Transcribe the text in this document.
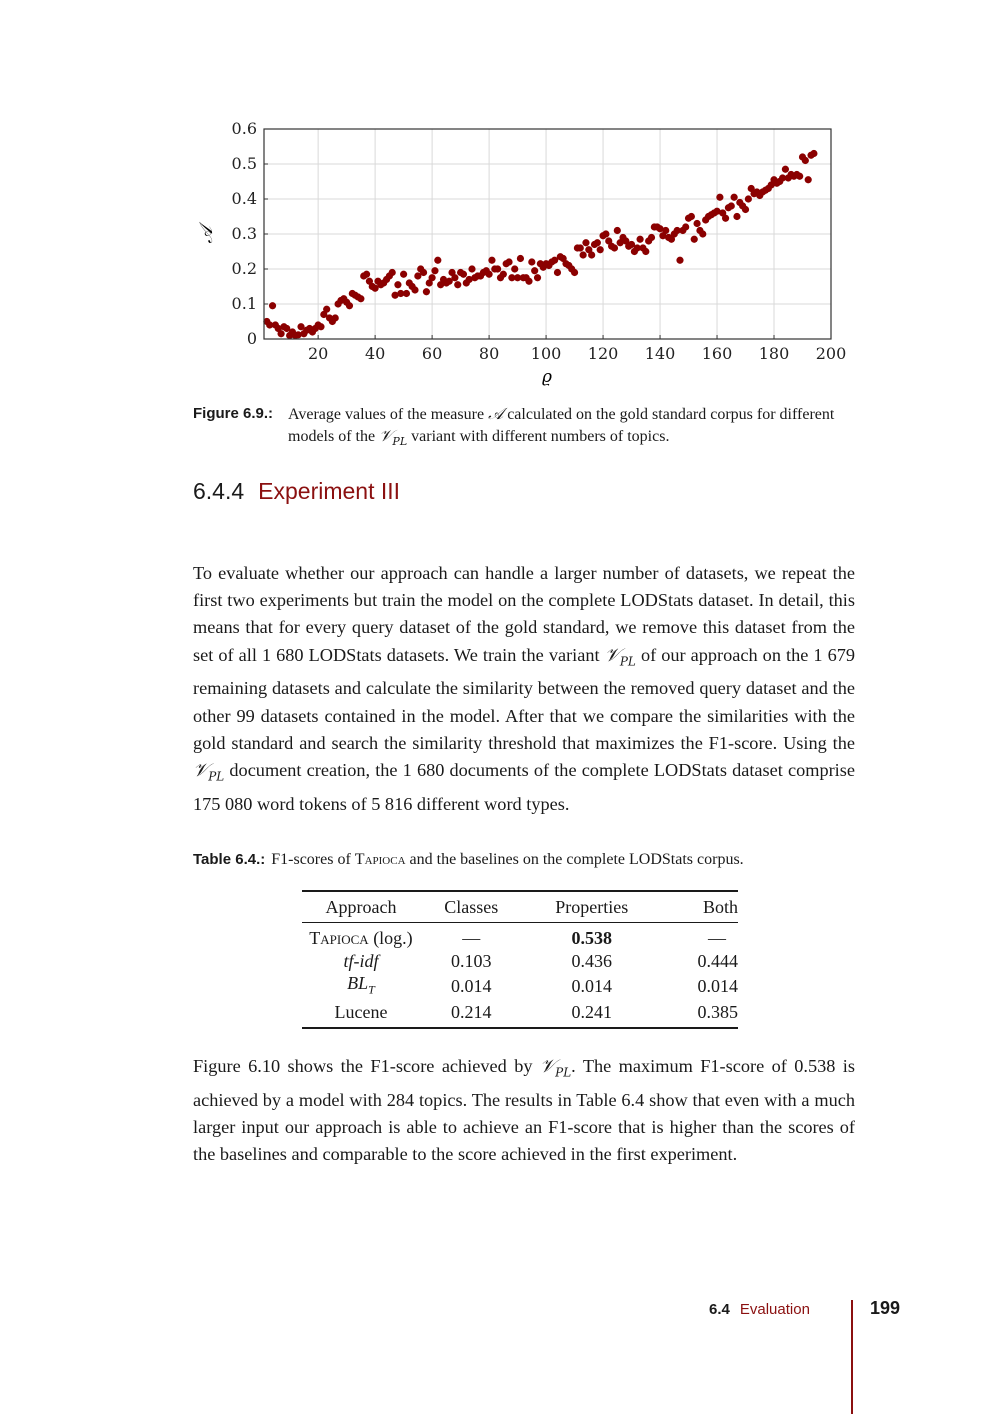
20 40 60 80 100 120 140 160 180 200
0
0.1
0.2
0.3
0.4
0.5
0.6
ϱ
𝒜
Figure 6.9.: Average values of the measure 𝒜 calculated on the gold standard corpus for different models of the 𝒱$_{PL}$ variant with different numbers of topics.
6.4.4 Experiment III
To evaluate whether our approach can handle a larger number of datasets, we repeat the first two experiments but train the model on the complete LODStats dataset. In detail, this means that for every query dataset of the gold standard, we remove this dataset from the set of all 1 680 LODStats datasets. We train the variant 𝒱$_{PL}$ of our approach on the 1 679 remaining datasets and calculate the similarity between the removed query dataset and the other 99 datasets contained in the model. After that we compare the similarities with the gold standard and search the similarity threshold that maximizes the F1-score. Using the 𝒱$_{PL}$ document creation, the 1 680 documents of the complete LODStats dataset comprise 175 080 word tokens of 5 816 different word types.
Table 6.4.: F1-scores of Tapioca and the baselines on the complete LODStats corpus.
Approach	Classes	Properties	Both
Tapioca (log.)	—	0.538	—
tf-idf	0.103	0.436	0.444
$BL_T$	0.014	0.014	0.014
Lucene	0.214	0.241	0.385
Figure 6.10 shows the F1-score achieved by 𝒱$_{PL}$. The maximum F1-score of 0.538 is achieved by a model with 284 topics. The results in Table 6.4 show that even with a much larger input our approach is able to achieve an F1-score that is higher than the scores of the baselines and comparable to the score achieved in the first experiment.
6.4 Evaluation	199
